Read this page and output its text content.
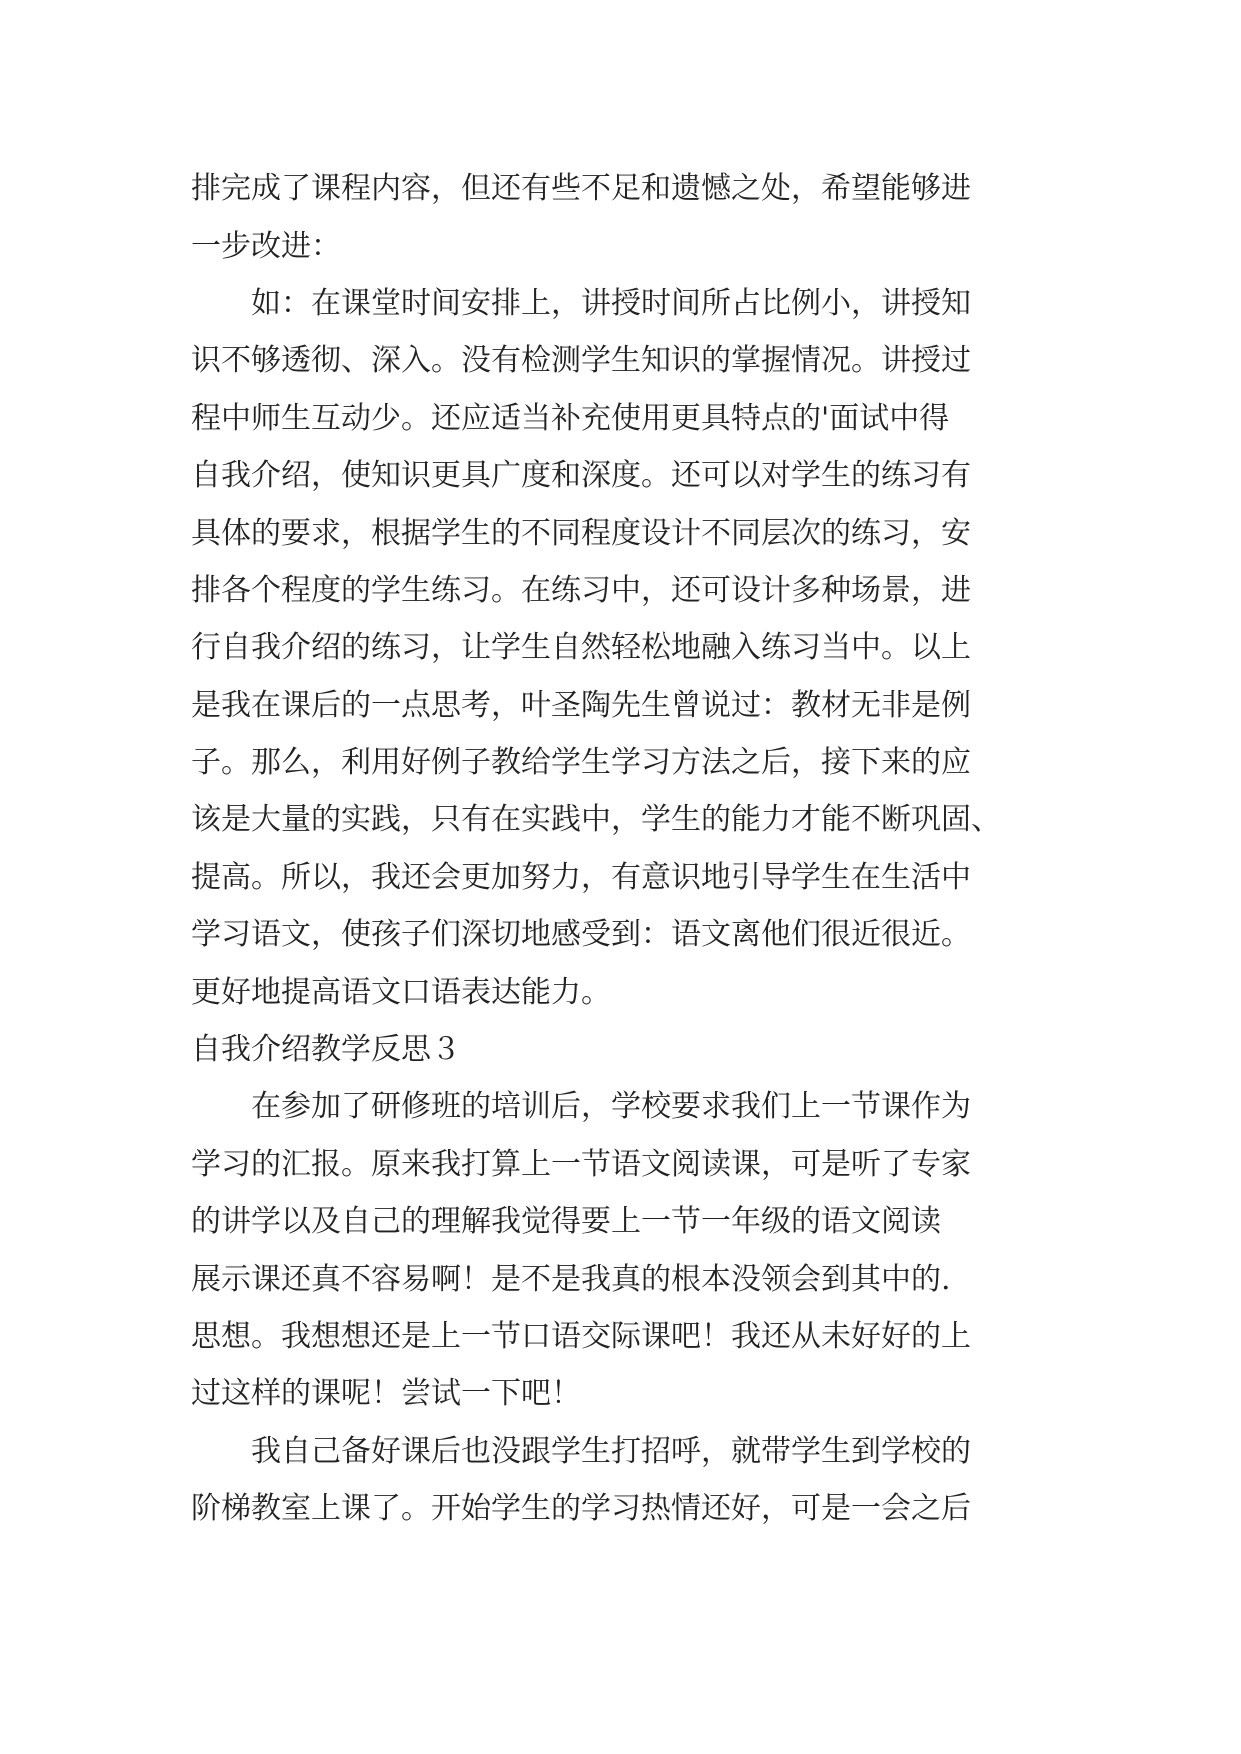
排完成了课程内容，但还有些不足和遗憾之处，希望能够进
一步改进：
如：在课堂时间安排上，讲授时间所占比例小，讲授知
识不够透彻、深入。没有检测学生知识的掌握情况。讲授过
程中师生互动少。还应适当补充使用更具特点的'面试中得
自我介绍，使知识更具广度和深度。还可以对学生的练习有
具体的要求，根据学生的不同程度设计不同层次的练习，安
排各个程度的学生练习。在练习中，还可设计多种场景，进
行自我介绍的练习，让学生自然轻松地融入练习当中。以上
是我在课后的一点思考，叶圣陶先生曾说过：教材无非是例
子。那么，利用好例子教给学生学习方法之后，接下来的应
该是大量的实践，只有在实践中，学生的能力才能不断巩固、
提高。所以，我还会更加努力，有意识地引导学生在生活中
学习语文，使孩子们深切地感受到：语文离他们很近很近。
更好地提高语文口语表达能力。
自我介绍教学反思３
在参加了研修班的培训后，学校要求我们上一节课作为
学习的汇报。原来我打算上一节语文阅读课，可是听了专家
的讲学以及自己的理解我觉得要上一节一年级的语文阅读
展示课还真不容易啊！是不是我真的根本没领会到其中的.
思想。我想想还是上一节口语交际课吧！我还从未好好的上
过这样的课呢！尝试一下吧！
我自己备好课后也没跟学生打招呼，就带学生到学校的
阶梯教室上课了。开始学生的学习热情还好，可是一会之后
